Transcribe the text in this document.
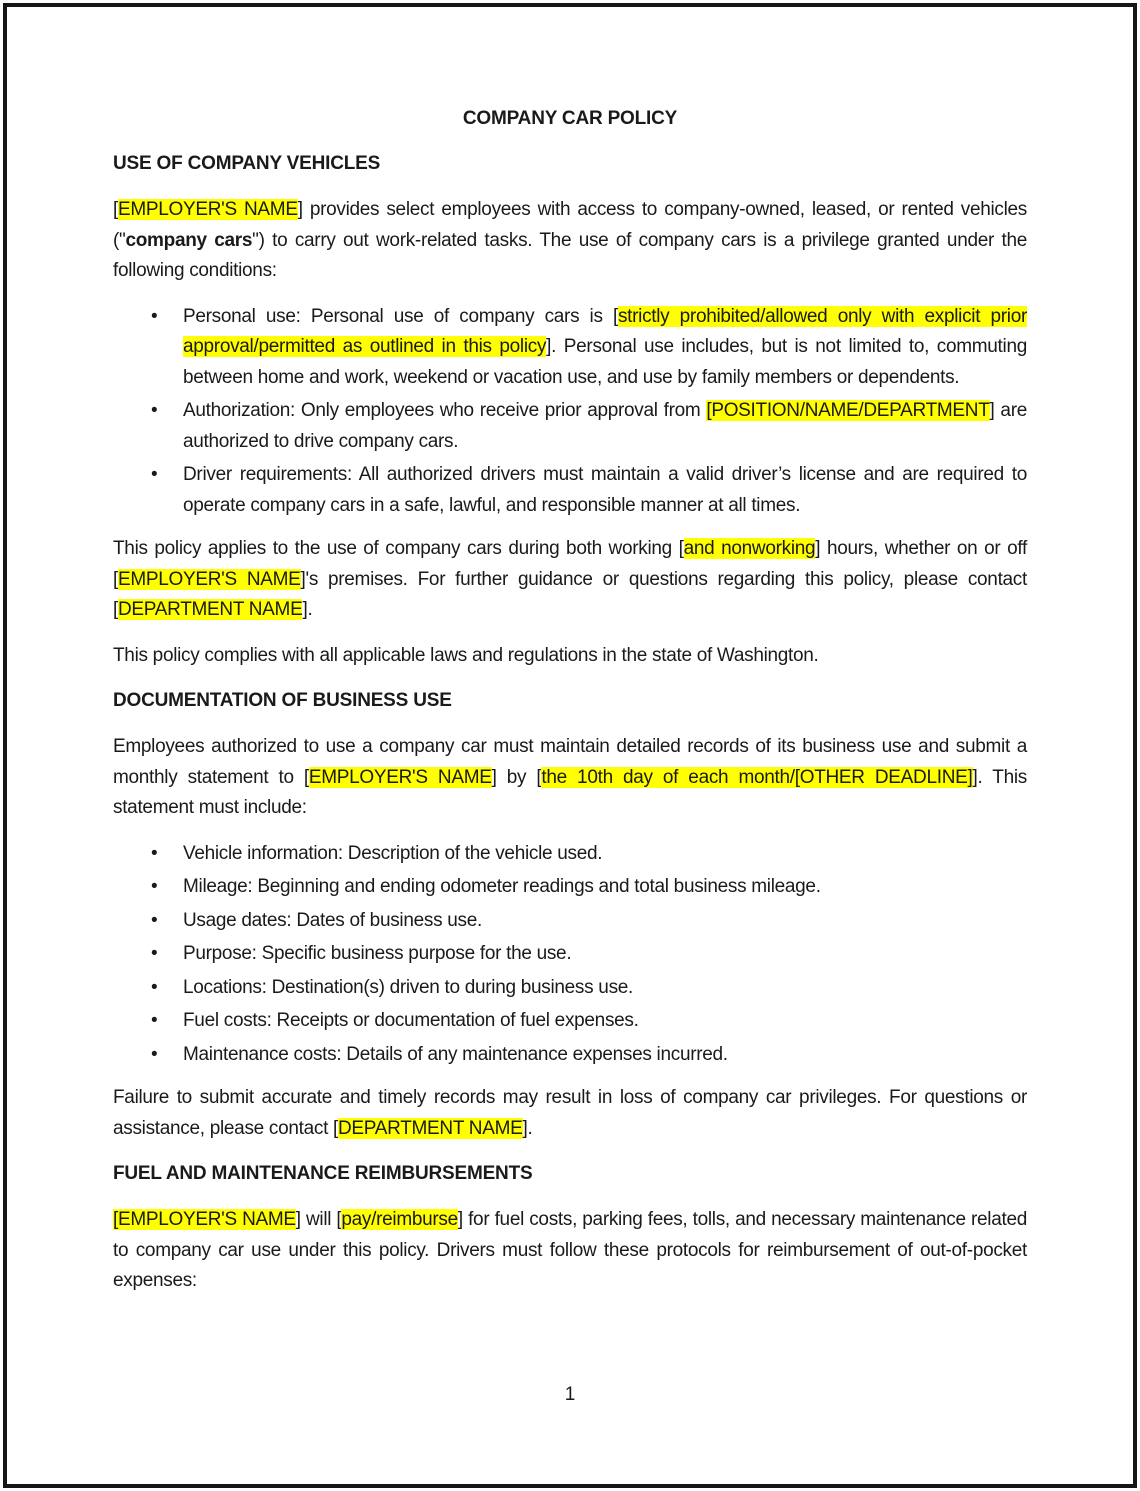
COMPANY CAR POLICY
USE OF COMPANY VEHICLES
[EMPLOYER'S NAME] provides select employees with access to company-owned, leased, or rented vehicles ("company cars") to carry out work-related tasks. The use of company cars is a privilege granted under the following conditions:
• Personal use: Personal use of company cars is [strictly prohibited/allowed only with explicit prior approval/permitted as outlined in this policy]. Personal use includes, but is not limited to, commuting between home and work, weekend or vacation use, and use by family members or dependents.
• Authorization: Only employees who receive prior approval from [POSITION/NAME/DEPARTMENT] are authorized to drive company cars.
• Driver requirements: All authorized drivers must maintain a valid driver’s license and are required to operate company cars in a safe, lawful, and responsible manner at all times.
This policy applies to the use of company cars during both working [and nonworking] hours, whether on or off [EMPLOYER'S NAME]'s premises. For further guidance or questions regarding this policy, please contact [DEPARTMENT NAME].
This policy complies with all applicable laws and regulations in the state of Washington.
DOCUMENTATION OF BUSINESS USE
Employees authorized to use a company car must maintain detailed records of its business use and submit a monthly statement to [EMPLOYER'S NAME] by [the 10th day of each month/[OTHER DEADLINE]]. This statement must include:
• Vehicle information: Description of the vehicle used.
• Mileage: Beginning and ending odometer readings and total business mileage.
• Usage dates: Dates of business use.
• Purpose: Specific business purpose for the use.
• Locations: Destination(s) driven to during business use.
• Fuel costs: Receipts or documentation of fuel expenses.
• Maintenance costs: Details of any maintenance expenses incurred.
Failure to submit accurate and timely records may result in loss of company car privileges. For questions or assistance, please contact [DEPARTMENT NAME].
FUEL AND MAINTENANCE REIMBURSEMENTS
[EMPLOYER'S NAME] will [pay/reimburse] for fuel costs, parking fees, tolls, and necessary maintenance related to company car use under this policy. Drivers must follow these protocols for reimbursement of out-of-pocket expenses:
1
